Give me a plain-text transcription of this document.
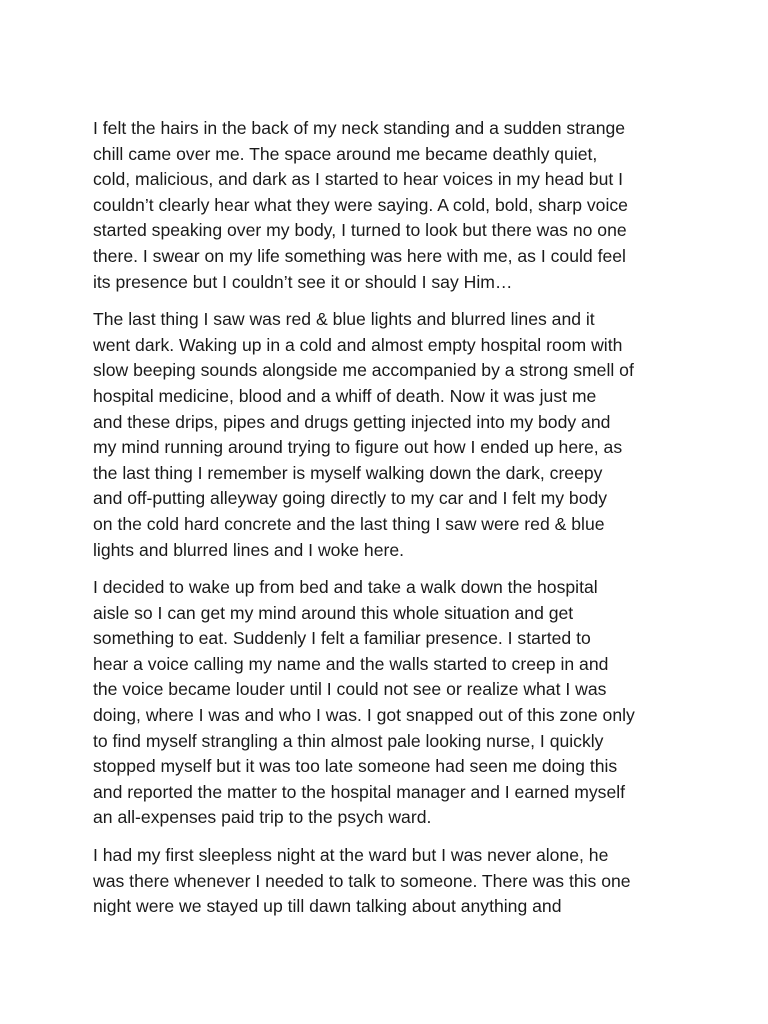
I felt the hairs in the back of my neck standing and a sudden strange
chill came over me. The space around me became deathly quiet,
cold, malicious, and dark as I started to hear voices in my head but I
couldn’t clearly hear what they were saying. A cold, bold, sharp voice
started speaking over my body, I turned to look but there was no one
there. I swear on my life something was here with me, as I could feel
its presence but I couldn’t see it or should I say Him…

The last thing I saw was red & blue lights and blurred lines and it
went dark. Waking up in a cold and almost empty hospital room with
slow beeping sounds alongside me accompanied by a strong smell of
hospital medicine, blood and a whiff of death. Now it was just me
and these drips, pipes and drugs getting injected into my body and
my mind running around trying to figure out how I ended up here, as
the last thing I remember is myself walking down the dark, creepy
and off-putting alleyway going directly to my car and I felt my body
on the cold hard concrete and the last thing I saw were red & blue
lights and blurred lines and I woke here.

I decided to wake up from bed and take a walk down the hospital
aisle so I can get my mind around this whole situation and get
something to eat. Suddenly I felt a familiar presence. I started to
hear a voice calling my name and the walls started to creep in and
the voice became louder until I could not see or realize what I was
doing, where I was and who I was. I got snapped out of this zone only
to find myself strangling a thin almost pale looking nurse, I quickly
stopped myself but it was too late someone had seen me doing this
and reported the matter to the hospital manager and I earned myself
an all-expenses paid trip to the psych ward.

I had my first sleepless night at the ward but I was never alone, he
was there whenever I needed to talk to someone. There was this one
night were we stayed up till dawn talking about anything and
